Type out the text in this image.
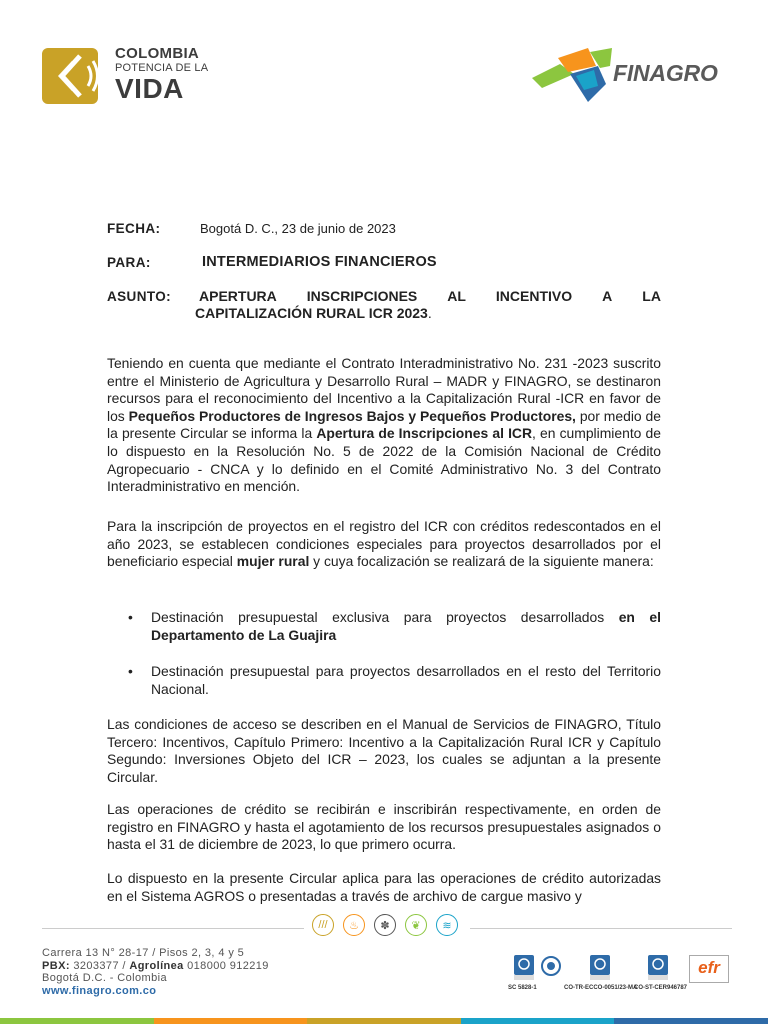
COLOMBIA
POTENCIA DE LA
VIDA	FINAGRO
FECHA:	Bogotá D. C., 23 de junio de 2023
PARA:	INTERMEDIARIOS FINANCIEROS
ASUNTO: APERTURA INSCRIPCIONES AL INCENTIVO A LA
CAPITALIZACIÓN RURAL ICR 2023.
Teniendo en cuenta que mediante el Contrato Interadministrativo No. 231 -2023 suscrito entre el Ministerio de Agricultura y Desarrollo Rural – MADR y FINAGRO, se destinaron recursos para el reconocimiento del Incentivo a la Capitalización Rural -ICR en favor de los Pequeños Productores de Ingresos Bajos y Pequeños Productores, por medio de la presente Circular se informa la Apertura de Inscripciones al ICR, en cumplimiento de lo dispuesto en la Resolución No. 5 de 2022 de la Comisión Nacional de Crédito Agropecuario - CNCA y lo definido en el Comité Administrativo No. 3 del Contrato Interadministrativo en mención.
Para la inscripción de proyectos en el registro del ICR con créditos redescontados en el año 2023, se establecen condiciones especiales para proyectos desarrollados por el beneficiario especial mujer rural y cuya focalización se realizará de la siguiente manera:
• Destinación presupuestal exclusiva para proyectos desarrollados en el Departamento de La Guajira
• Destinación presupuestal para proyectos desarrollados en el resto del Territorio Nacional.
Las condiciones de acceso se describen en el Manual de Servicios de FINAGRO, Título Tercero: Incentivos, Capítulo Primero: Incentivo a la Capitalización Rural ICR y Capítulo Segundo: Inversiones Objeto del ICR – 2023, los cuales se adjuntan a la presente Circular.
Las operaciones de crédito se recibirán e inscribirán respectivamente, en orden de registro en FINAGRO y hasta el agotamiento de los recursos presupuestales asignados o hasta el 31 de diciembre de 2023, lo que primero ocurra.
Lo dispuesto en la presente Circular aplica para las operaciones de crédito autorizadas en el Sistema AGROS o presentadas a través de archivo de cargue masivo y
///	♨	✽	❦	≋
Carrera 13 N° 28-17 / Pisos 2, 3, 4 y 5
PBX: 3203377 / Agrolínea 018000 912219
Bogotá D.C. - Colombia
www.finagro.com.co	SC 5828-1	CO-TR-ECCO-0051/23-MA
CO-ST-CER946787
efr
